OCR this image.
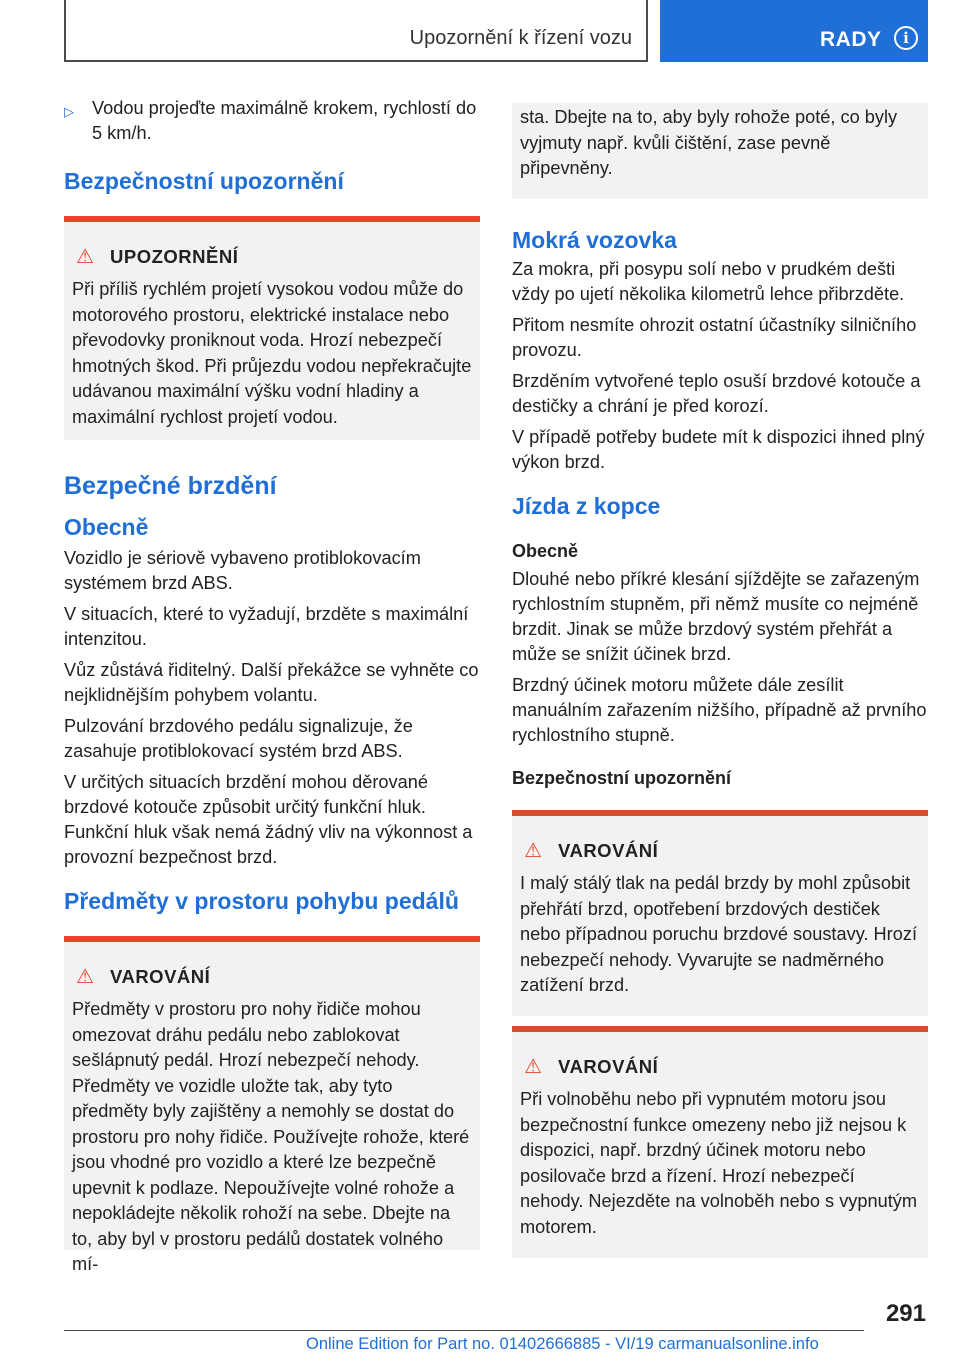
Upozornění k řízení vozu	RADY	i
▷ Vodou projeďte maximálně krokem, rychlostí do 5 km/h.
Bezpečnostní upozornění
⚠ UPOZORNĚNÍ

Při příliš rychlém projetí vysokou vodou může do motorového prostoru, elektrické instalace nebo převodovky proniknout voda. Hrozí nebezpečí hmotných škod. Při průjezdu vodou nepřekračujte udávanou maximální výšku vodní hladiny a maximální rychlost projetí vodou.

Bezpečné brzdění
Obecně

Vozidlo je sériově vybaveno protiblokovacím systémem brzd ABS.

V situacích, které to vyžadují, brzděte s maximální intenzitou.

Vůz zůstává řiditelný. Další překážce se vyhněte co nejklidnějším pohybem volantu.

Pulzování brzdového pedálu signalizuje, že zasahuje protiblokovací systém brzd ABS.

V určitých situacích brzdění mohou děrované brzdové kotouče způsobit určitý funkční hluk. Funkční hluk však nemá žádný vliv na výkonnost a provozní bezpečnost brzd.

Předměty v prostoru pohybu pedálů
⚠ VAROVÁNÍ

Předměty v prostoru pro nohy řidiče mohou omezovat dráhu pedálu nebo zablokovat sešlápnutý pedál. Hrozí nebezpečí nehody. Předměty ve vozidle uložte tak, aby tyto předměty byly zajištěny a nemohly se dostat do prostoru pro nohy řidiče. Používejte rohože, které jsou vhodné pro vozidlo a které lze bezpečně upevnit k podlaze. Nepoužívejte volné rohože a nepokládejte několik rohoží na sebe. Dbejte na to, aby byl v prostoru pedálů dostatek volného mí-

sta. Dbejte na to, aby byly rohože poté, co byly vyjmuty např. kvůli čištění, zase pevně připevněny.

Mokrá vozovka

Za mokra, při posypu solí nebo v prudkém dešti vždy po ujetí několika kilometrů lehce přibrzděte.

Přitom nesmíte ohrozit ostatní účastníky silničního provozu.

Brzděním vytvořené teplo osuší brzdové kotouče a destičky a chrání je před korozí.

V případě potřeby budete mít k dispozici ihned plný výkon brzd.

Jízda z kopce
Obecně

Dlouhé nebo příkré klesání sjíždějte se zařazeným rychlostním stupněm, při němž musíte co nejméně brzdit. Jinak se může brzdový systém přehřát a může se snížit účinek brzd.

Brzdný účinek motoru můžete dále zesílit manuálním zařazením nižšího, případně až prvního rychlostního stupně.

Bezpečnostní upozornění
⚠ VAROVÁNÍ

I malý stálý tlak na pedál brzdy by mohl způsobit přehřátí brzd, opotřebení brzdových destiček nebo případnou poruchu brzdové soustavy. Hrozí nebezpečí nehody. Vyvarujte se nadměrného zatížení brzd.

⚠ VAROVÁNÍ

Při volnoběhu nebo při vypnutém motoru jsou bezpečnostní funkce omezeny nebo již nejsou k dispozici, např. brzdný účinek motoru nebo posilovače brzd a řízení. Hrozí nebezpečí nehody. Nejezděte na volnoběh nebo s vypnutým motorem.

291
Online Edition for Part no. 01402666885 - VI/19 carmanualsonline.info
